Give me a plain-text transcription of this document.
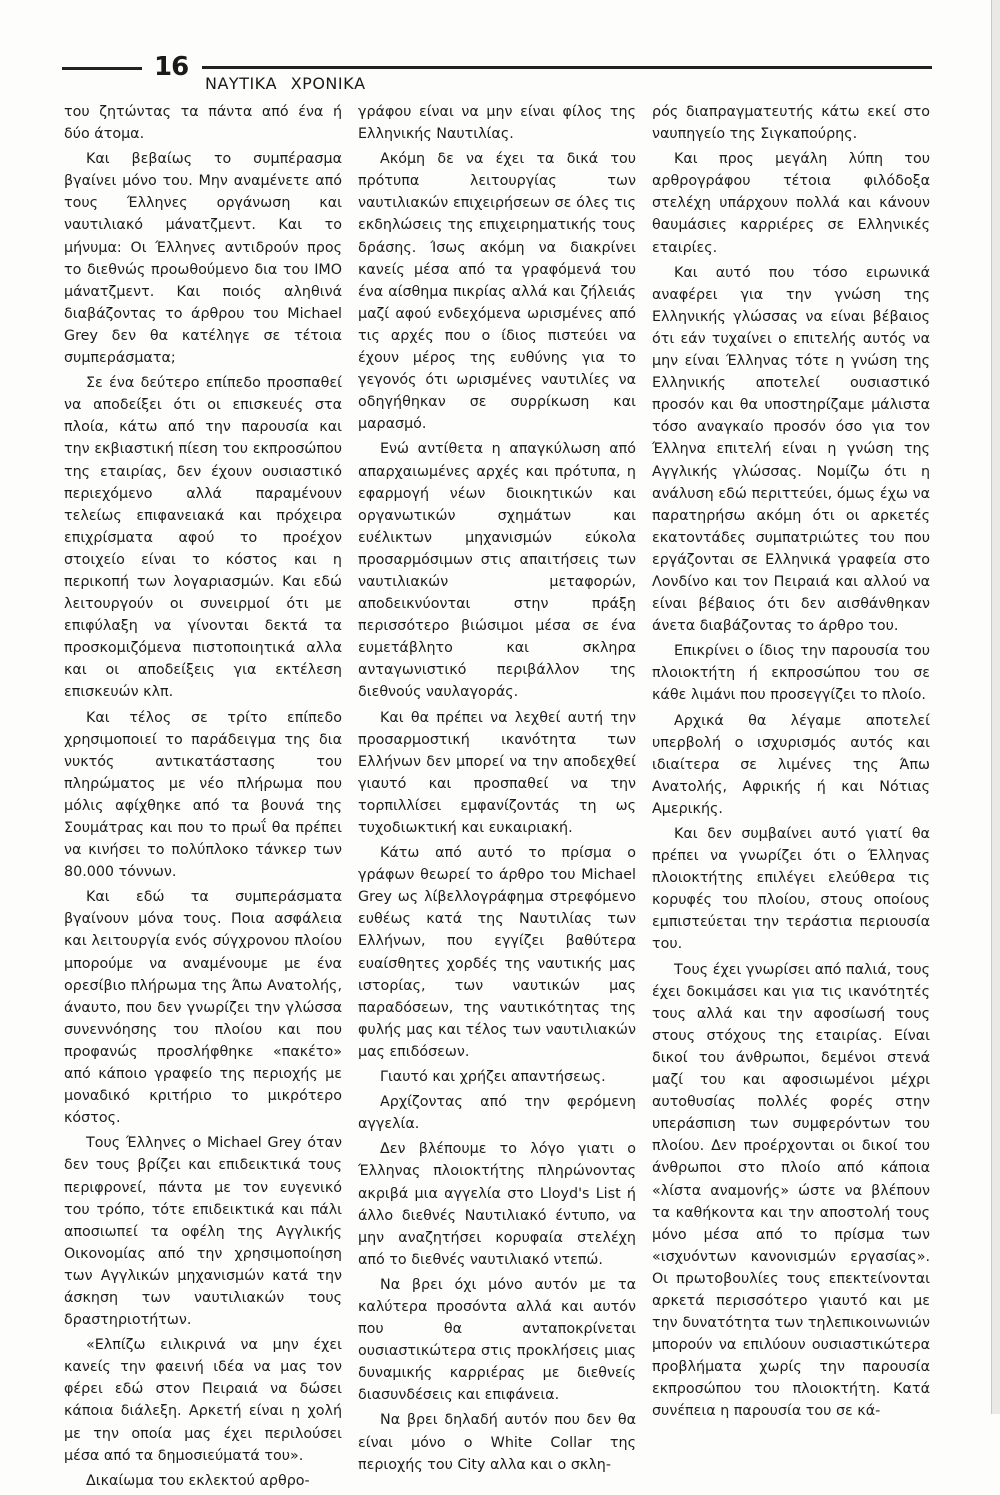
16
ΝΑΥΤΙΚΑ ΧΡΟΝΙΚΑ

του ζητώντας τα πάντα από ένα ή δύο άτομα.

Και βεβαίως το συμπέρασμα βγαίνει μόνο του. Μην αναμένετε από τους Έλληνες οργάνωση και ναυτιλιακό μάνατζμεντ. Και το μήνυμα: Οι Έλληνες αντιδρούν προς το διεθνώς προωθούμενο δια του ΙΜΟ μάνατζμεντ. Και ποιός αληθινά διαβάζοντας το άρθρου του Michael Grey δεν θα κατέληγε σε τέτοια συμπεράσματα;

Σε ένα δεύτερο επίπεδο προσπαθεί να αποδείξει ότι οι επισκευές στα πλοία, κάτω από την παρουσία και την εκβιαστική πίεση του εκπροσώπου της εταιρίας, δεν έχουν ουσιαστικό περιεχόμενο αλλά παραμένουν τελείως επιφανειακά και πρόχειρα επιχρίσματα αφού το προέχον στοιχείο είναι το κόστος και η περικοπή των λογαριασμών. Και εδώ λειτουργούν οι συνειρμοί ότι με επιφύλαξη να γίνονται δεκτά τα προσκομιζόμενα πιστοποιητικά αλλα και οι αποδείξεις για εκτέλεση επισκευών κλπ.

Και τέλος σε τρίτο επίπεδο χρησιμοποιεί το παράδειγμα της δια νυκτός αντικατάστασης του πληρώματος με νέο πλήρωμα που μόλις αφίχθηκε από τα βουνά της Σουμάτρας και που το πρωΐ θα πρέπει να κινήσει το πολύπλοκο τάνκερ των 80.000 τόννων.

Και εδώ τα συμπεράσματα βγαίνουν μόνα τους. Ποια ασφάλεια και λειτουργία ενός σύγχρονου πλοίου μπορούμε να αναμένουμε με ένα ορεσίβιο πλήρωμα της Άπω Ανατολής, άναυτο, που δεν γνωρίζει την γλώσσα συνεννόησης του πλοίου και που προφανώς προσλήφθηκε «πακέτο» από κάποιο γραφείο της περιοχής με μοναδικό κριτήριο το μικρότερο κόστος.

Τους Έλληνες ο Michael Grey όταν δεν τους βρίζει και επιδεικτικά τους περιφρονεί, πάντα με τον ευγενικό του τρόπο, τότε επιδεικτικά και πάλι αποσιωπεί τα οφέλη της Αγγλικής Οικονομίας από την χρησιμοποίηση των Αγγλικών μηχανισμών κατά την άσκηση των ναυτιλιακών τους δραστηριοτήτων.

«Ελπίζω ειλικρινά να μην έχει κανείς την φαεινή ιδέα να μας τον φέρει εδώ στον Πειραιά να δώσει κάποια διάλεξη. Αρκετή είναι η χολή με την οποία μας έχει περιλούσει μέσα από τα δημοσιεύματά του».

Δικαίωμα του εκλεκτού αρθρο-

γράφου είναι να μην είναι φίλος της Ελληνικής Ναυτιλίας.

Ακόμη δε να έχει τα δικά του πρότυπα λειτουργίας των ναυτιλιακών επιχειρήσεων σε όλες τις εκδηλώσεις της επιχειρηματικής τους δράσης. Ίσως ακόμη να διακρίνει κανείς μέσα από τα γραφόμενά του ένα αίσθημα πικρίας αλλά και ζήλειάς μαζί αφού ενδεχόμενα ωρισμένες από τις αρχές που ο ίδιος πιστεύει να έχουν μέρος της ευθύνης για το γεγονός ότι ωρισμένες ναυτιλίες να οδηγήθηκαν σε συρρίκωση και μαρασμό.

Ενώ αντίθετα η απαγκύλωση από απαρχαιωμένες αρχές και πρότυπα, η εφαρμογή νέων διοικητικών και οργανωτικών σχημάτων και ευέλικτων μηχανισμών εύκολα προσαρμόσιμων στις απαιτήσεις των ναυτιλιακών μεταφορών, αποδεικνύονται στην πράξη περισσότερο βιώσιμοι μέσα σε ένα ευμετάβλητο και σκληρα ανταγωνιστικό περιβάλλον της διεθνούς ναυλαγοράς.

Και θα πρέπει να λεχθεί αυτή την προσαρμοστική ικανότητα των Ελλήνων δεν μπορεί να την αποδεχθεί γιαυτό και προσπαθεί να την τορπιλλίσει εμφανίζοντάς τη ως τυχοδιωκτική και ευκαιριακή.

Κάτω από αυτό το πρίσμα ο γράφων θεωρεί το άρθρο του Michael Grey ως λίβελλογράφημα στρεφόμενο ευθέως κατά της Ναυτιλίας των Ελλήνων, που εγγίζει βαθύτερα ευαίσθητες χορδές της ναυτικής μας ιστορίας, των ναυτικών μας παραδόσεων, της ναυτικότητας της φυλής μας και τέλος των ναυτιλιακών μας επιδόσεων.

Γιαυτό και χρήζει απαντήσεως.

Αρχίζοντας από την φερόμενη αγγελία.

Δεν βλέπουμε το λόγο γιατι ο Έλληνας πλοιοκτήτης πληρώνοντας ακριβά μια αγγελία στο Lloyd's List ή άλλο διεθνές Ναυτιλιακό έντυπο, να μην αναζητήσει κορυφαία στελέχη από το διεθνές ναυτιλιακό ντεπώ.

Να βρει όχι μόνο αυτόν με τα καλύτερα προσόντα αλλά και αυτόν που θα ανταποκρίνεται ουσιαστικώτερα στις προκλήσεις μιας δυναμικής καρριέρας με διεθνείς διασυνδέσεις και επιφάνεια.

Να βρει δηλαδή αυτόν που δεν θα είναι μόνο ο White Collar της περιοχής του City αλλα και ο σκλη-

ρός διαπραγματευτής κάτω εκεί στο ναυπηγείο της Σιγκαπούρης.

Και προς μεγάλη λύπη του αρθρογράφου τέτοια φιλόδοξα στελέχη υπάρχουν πολλά και κάνουν θαυμάσιες καρριέρες σε Ελληνικές εταιρίες.

Και αυτό που τόσο ειρωνικά αναφέρει για την γνώση της Ελληνικής γλώσσας να είναι βέβαιος ότι εάν τυχαίνει ο επιτελής αυτός να μην είναι Έλληνας τότε η γνώση της Ελληνικής αποτελεί ουσιαστικό προσόν και θα υποστηρίζαμε μάλιστα τόσο αναγκαίο προσόν όσο για τον Έλληνα επιτελή είναι η γνώση της Αγγλικής γλώσσας. Νομίζω ότι η ανάλυση εδώ περιττεύει, όμως έχω να παρατηρήσω ακόμη ότι οι αρκετές εκατοντάδες συμπατριώτες του που εργάζονται σε Ελληνικά γραφεία στο Λονδίνο και τον Πειραιά και αλλού να είναι βέβαιος ότι δεν αισθάνθηκαν άνετα διαβάζοντας το άρθρο του.

Επικρίνει ο ίδιος την παρουσία του πλοιοκτήτη ή εκπροσώπου του σε κάθε λιμάνι που προσεγγίζει το πλοίο.

Αρχικά θα λέγαμε αποτελεί υπερβολή ο ισχυρισμός αυτός και ιδιαίτερα σε λιμένες της Άπω Ανατολής, Αφρικής ή και Νότιας Αμερικής.

Και δεν συμβαίνει αυτό γιατί θα πρέπει να γνωρίζει ότι ο Έλληνας πλοιοκτήτης επιλέγει ελεύθερα τις κορυφές του πλοίου, στους οποίους εμπιστεύεται την τεράστια περιουσία του.

Τους έχει γνωρίσει από παλιά, τους έχει δοκιμάσει και για τις ικανότητές τους αλλά και την αφοσίωσή τους στους στόχους της εταιρίας. Είναι δικοί του άνθρωποι, δεμένοι στενά μαζί του και αφοσιωμένοι μέχρι αυτοθυσίας πολλές φορές στην υπεράσπιση των συμφερόντων του πλοίου. Δεν προέρχονται οι δικοί του άνθρωποι στο πλοίο από κάποια «λίστα αναμονής» ώστε να βλέπουν τα καθήκοντα και την αποστολή τους μόνο μέσα από το πρίσμα των «ισχυόντων κανονισμών εργασίας». Οι πρωτοβουλίες τους επεκτείνονται αρκετά περισσότερο γιαυτό και με την δυνατότητα των τηλεπικοινωνιών μπορούν να επιλύουν ουσιαστικώτερα προβλήματα χωρίς την παρουσία εκπροσώπου του πλοιοκτήτη. Κατά συνέπεια η παρουσία του σε κά-
